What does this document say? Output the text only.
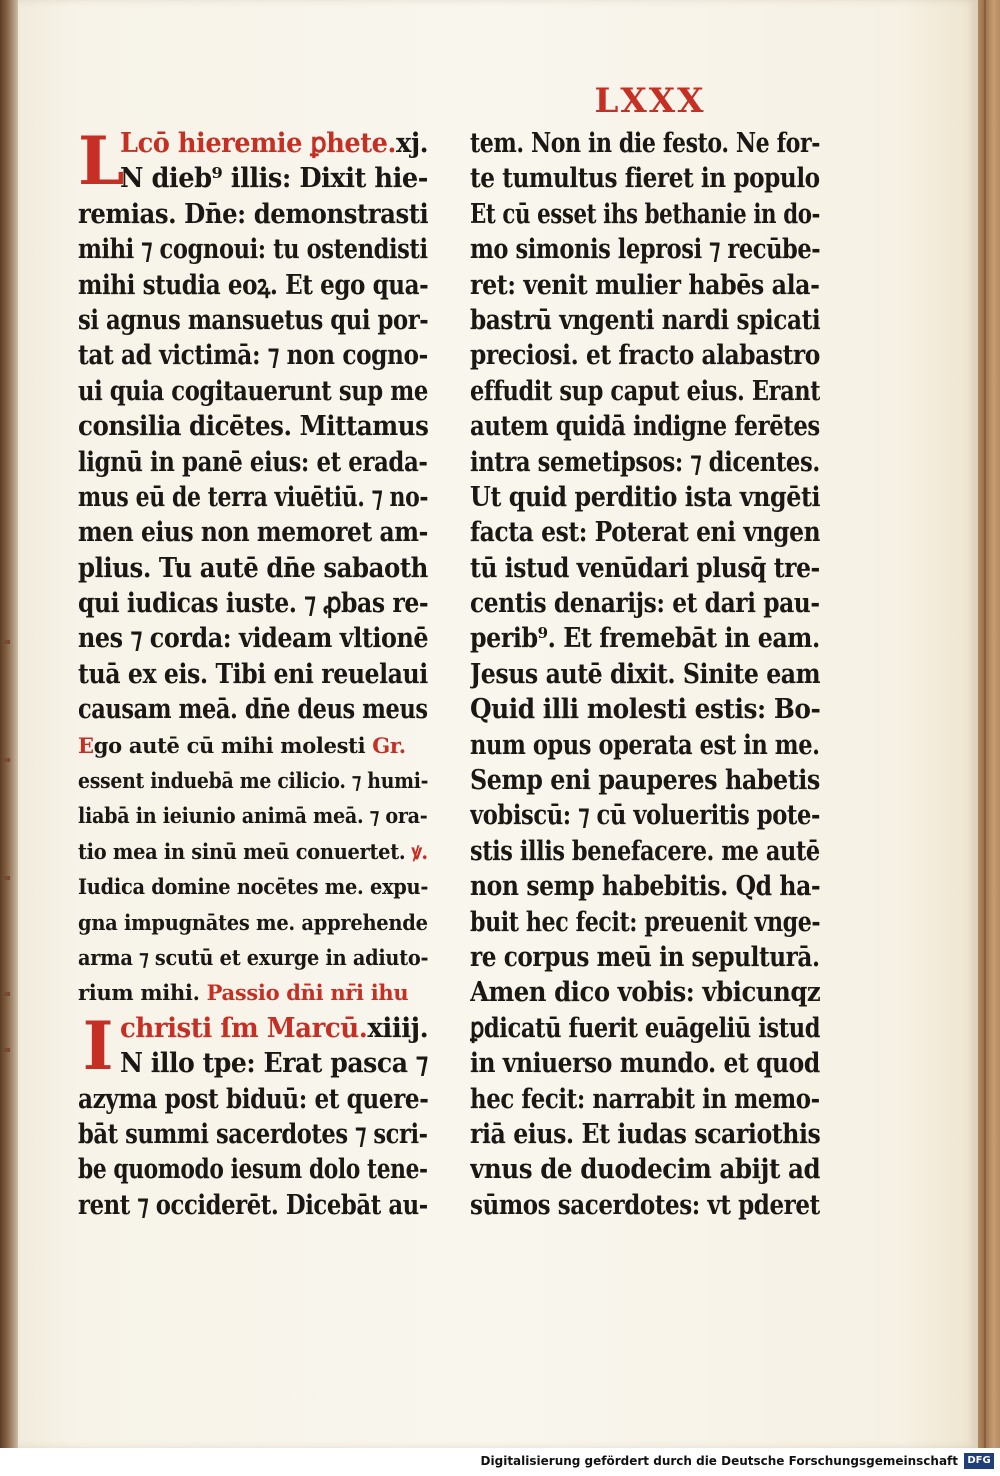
LXXX
L
Lcō hieremie ꝑhete.xj.
N dieb⁹ illis: Dixit hie-
remias. Dn̄e: demonstrasti
mihi ⁊ cognoui: tu ostendisti
mihi studia eoꝝ. Et ego qua-
si agnus mansuetus qui por-
tat ad victimā: ⁊ non cogno-
ui quia cogitauerunt sup me
consilia dicētes. Mittamus
lignū in panē eius: et erada-
mus eū de terra viuētiū. ⁊ no-
men eius non memoret am-
plius. Tu autē dn̄e sabaoth
qui iudicas iuste. ⁊ ꝓbas re-
nes ⁊ corda: videam vltionē
tuā ex eis. Tibi eni reuelaui
causam meā. dn̄e deus meus
Ego autē cū mihi molesti Gr.
essent induebā me cilicio. ⁊ humi-
liabā in ieiunio animā meā. ⁊ ora-
tio mea in sinū meū conuertet. ꝟ.
Iudica domine nocētes me. expu-
gna impugnātes me. apprehende
arma ⁊ scutū et exurge in adiuto-
rium mihi. Passio dn̄i nr̄i ihu
I christi ſm Marcū.xiiij.
N illo tpe: Erat pasca ⁊
azyma post biduū: et quere-
bāt summi sacerdotes ⁊ scri-
be quomodo iesum dolo tene-
rent ⁊ occiderēt. Dicebāt au-
tem. Non in die festo. Ne for-
te tumultus fieret in populo
Et cū esset ihs bethanie in do-
mo simonis leprosi ⁊ recūbe-
ret: venit mulier habēs ala-
bastrū vngenti nardi spicati
preciosi. et fracto alabastro
effudit sup caput eius. Erant
autem quidā indigne ferētes
intra semetipsos: ⁊ dicentes.
Ut quid perditio ista vngēti
facta est: Poterat eni vngen
tū istud venūdari plusq̄ tre-
centis denarijs: et dari pau-
perib⁹. Et fremebāt in eam.
Jesus autē dixit. Sinite eam
Quid illi molesti estis: Bo-
num opus operata est in me.
Semp eni pauperes habetis
vobiscū: ⁊ cū volueritis pote-
stis illis benefacere. me autē
non semp habebitis. Qd ha-
buit hec fecit: preuenit vnge-
re corpus meū in sepulturā.
Amen dico vobis: vbicunqz
ꝑdicatū fuerit euāgeliū istud
in vniuerso mundo. et quod
hec fecit: narrabit in memo-
riā eius. Et iudas scariothis
vnus de duodecim abijt ad
sūmos sacerdotes: vt pderet
Digitalisierung gefördert durch die Deutsche Forschungsgemeinschaft DFG
